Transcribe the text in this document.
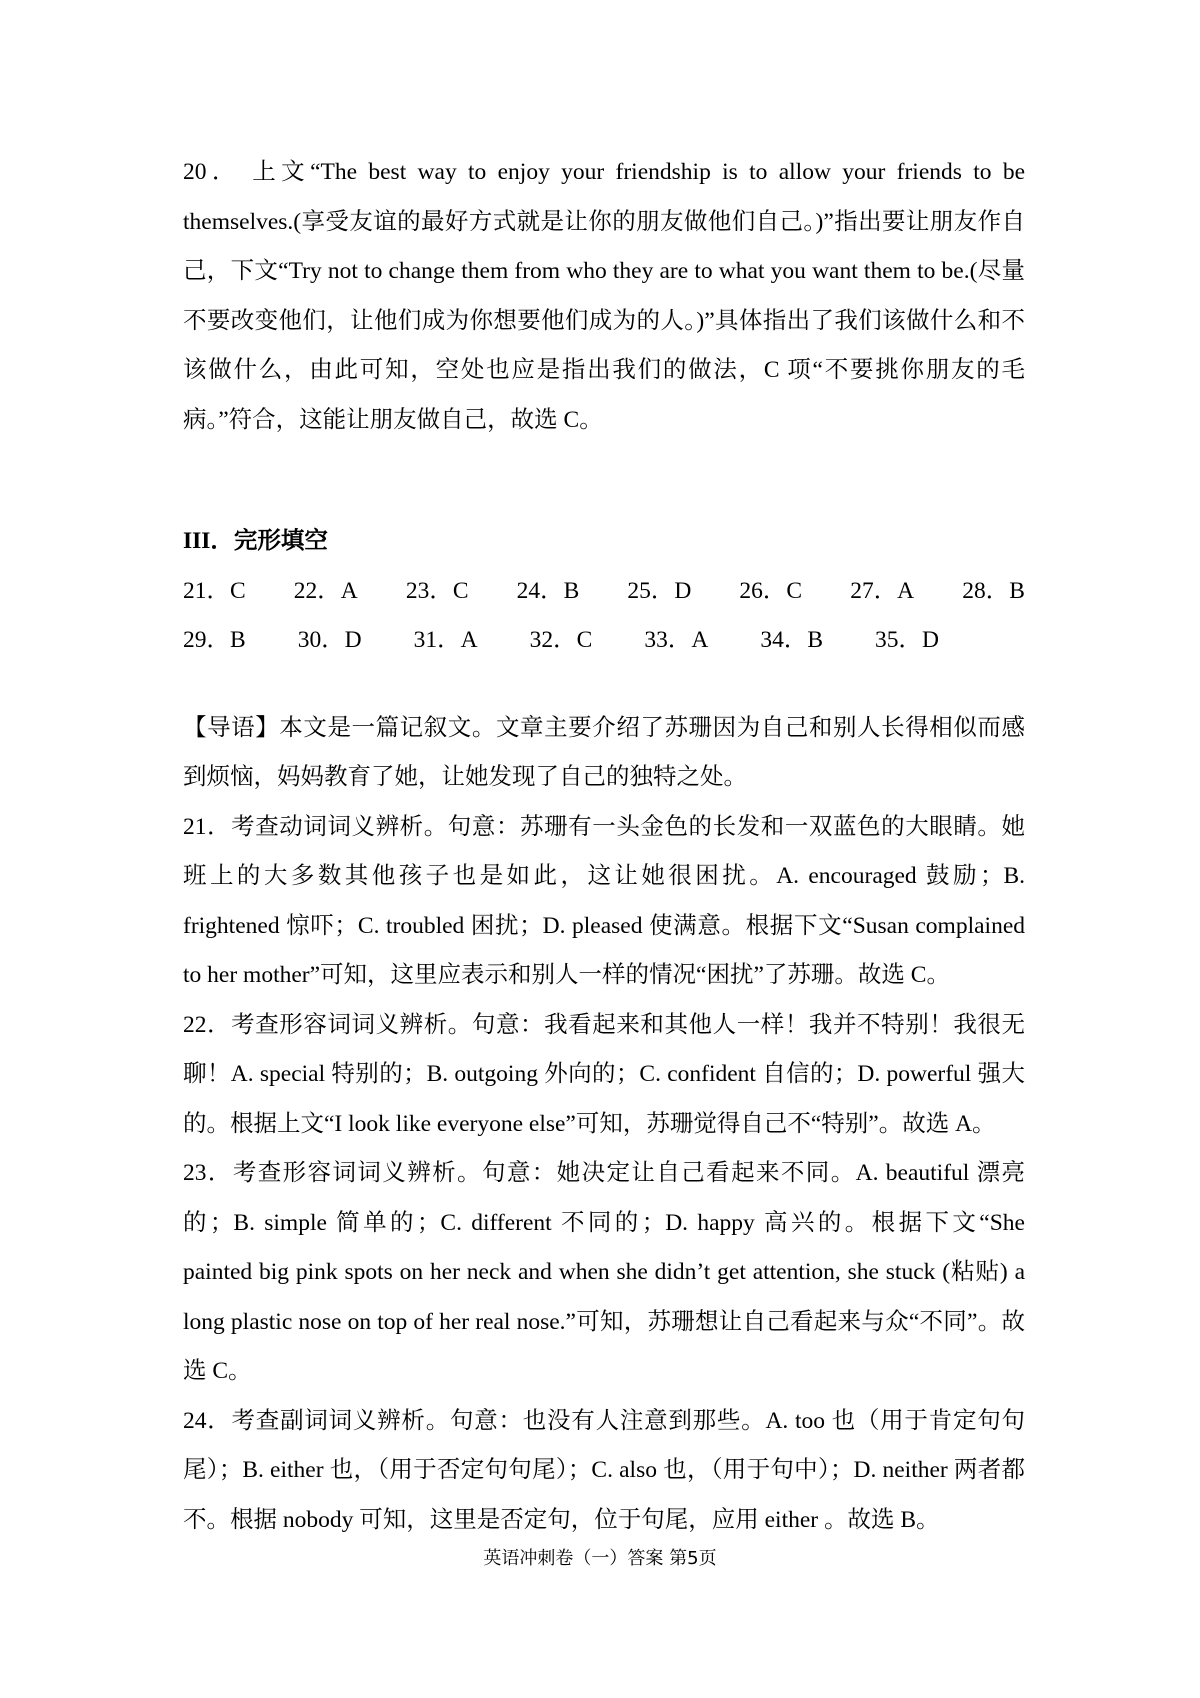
20． 上文“The best way to enjoy your friendship is to allow your friends to be themselves.(享受友谊的最好方式就是让你的朋友做他们自己。)”指出要让朋友作自己，下文“Try not to change them from who they are to what you want them to be.(尽量不要改变他们，让他们成为你想要他们成为的人。)”具体指出了我们该做什么和不该做什么，由此可知，空处也应是指出我们的做法，C 项“不要挑你朋友的毛病。”符合，这能让朋友做自己，故选 C。

III．完形填空
21．C 22．A 23．C 24．B 25．D 26．C 27．A 28．B
29．B 30．D 31．A 32．C 33．A 34．B 35．D

【导语】本文是一篇记叙文。文章主要介绍了苏珊因为自己和别人长得相似而感到烦恼，妈妈教育了她，让她发现了自己的独特之处。

21．考查动词词义辨析。句意：苏珊有一头金色的长发和一双蓝色的大眼睛。她班上的大多数其他孩子也是如此，这让她很困扰。A. encouraged 鼓励；B. frightened 惊吓；C. troubled 困扰；D. pleased 使满意。根据下文“Susan complained to her mother”可知，这里应表示和别人一样的情况“困扰”了苏珊。故选 C。

22．考查形容词词义辨析。句意：我看起来和其他人一样！我并不特别！我很无聊！A. special 特别的；B. outgoing 外向的；C. confident 自信的；D. powerful 强大的。根据上文“I look like everyone else”可知，苏珊觉得自己不“特别”。故选 A。

23．考查形容词词义辨析。句意：她决定让自己看起来不同。A. beautiful 漂亮的；B. simple 简单的；C. different 不同的；D. happy 高兴的。根据下文“She painted big pink spots on her neck and when she didn’t get attention, she stuck (粘贴) a long plastic nose on top of her real nose.”可知，苏珊想让自己看起来与众“不同”。故选 C。

24．考查副词词义辨析。句意：也没有人注意到那些。A. too 也（用于肯定句句尾）；B. either 也，（用于否定句句尾）；C. also 也，（用于句中）；D. neither 两者都不。根据 nobody 可知，这里是否定句，位于句尾，应用 either 。故选 B。

英语冲刺卷（一）答案 第5页
